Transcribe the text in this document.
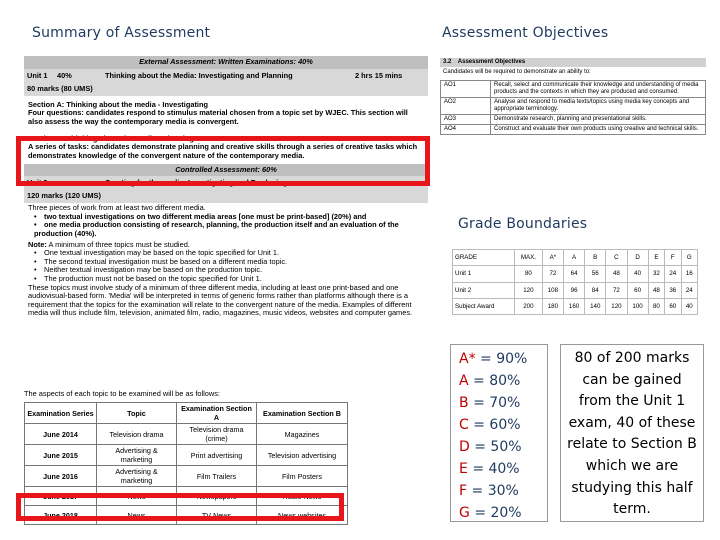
Summary of Assessment	Assessment Objectives
Grade Boundaries
External Assessment: Written Examinations: 40%
Unit 1	40%	Thinking about the Media: Investigating and Planning	2 hrs 15 mins
80 marks (80 UMS)
Section A: Thinking about the media - Investigating
Four questions: candidates respond to stimulus material chosen from a topic set by WJEC. This section will also assess the way the contemporary media is convergent.
Section B: Thinking about the media - Planning
A series of tasks: candidates demonstrate planning and creative skills through a series of creative tasks which demonstrates knowledge of the convergent nature of the contemporary media.
Controlled Assessment: 60%
Unit 2	Creating for the media: Investigating and Producing
120 marks (120 UMS)
Three pieces of work from at least two different media.
• two textual investigations on two different media areas [one must be print-based] (20%) and
• one media production consisting of research, planning, the production itself and an evaluation of the production (40%).
Note: A minimum of three topics must be studied.
• One textual investigation may be based on the topic specified for Unit 1.
• The second textual investigation must be based on a different media topic.
• Neither textual investigation may be based on the production topic.
• The production must not be based on the topic specified for Unit 1.
These topics must involve study of a minimum of three different media, including at least one print-based and one audiovisual-based form. 'Media' will be interpreted in terms of generic forms rather than platforms although there is a requirement that the topics for the examination will relate to the convergent nature of the media. Examples of different media will thus include film, television, animated film, radio, magazines, music videos, websites and computer games.
The aspects of each topic to be examined will be as follows:
Examination Series	Topic	Examination Section A	Examination Section B
June 2014	Television drama	Television drama (crime)	Magazines
June 2015	Advertising & marketing	Print advertising	Television advertising
June 2016	Advertising & marketing	Film Trailers	Film Posters
June 2017	News	Newspapers	Radio News
June 2018	News	TV News	News websites
3.2 Assessment Objectives
Candidates will be required to demonstrate an ability to:
AO1	Recall, select and communicate their knowledge and understanding of media products and the contexts in which they are produced and consumed.
AO2	Analyse and respond to media texts/topics using media key concepts and appropriate terminology.
AO3	Demonstrate research, planning and presentational skills.
AO4	Construct and evaluate their own products using creative and technical skills.
GRADE	MAX.	A*	A	B	C	D	E	F	G
Unit 1	80	72	64	56	48	40	32	24	16
Unit 2	120	108	96	84	72	60	48	36	24
Subject Award	200	180	160	140	120	100	80	60	40
A* = 90%
A = 80%
B = 70%
C = 60%
D = 50%
E = 40%
F = 30%
G = 20%
80 of 200 marks can be gained from the Unit 1 exam, 40 of these relate to Section B which we are studying this half term.
